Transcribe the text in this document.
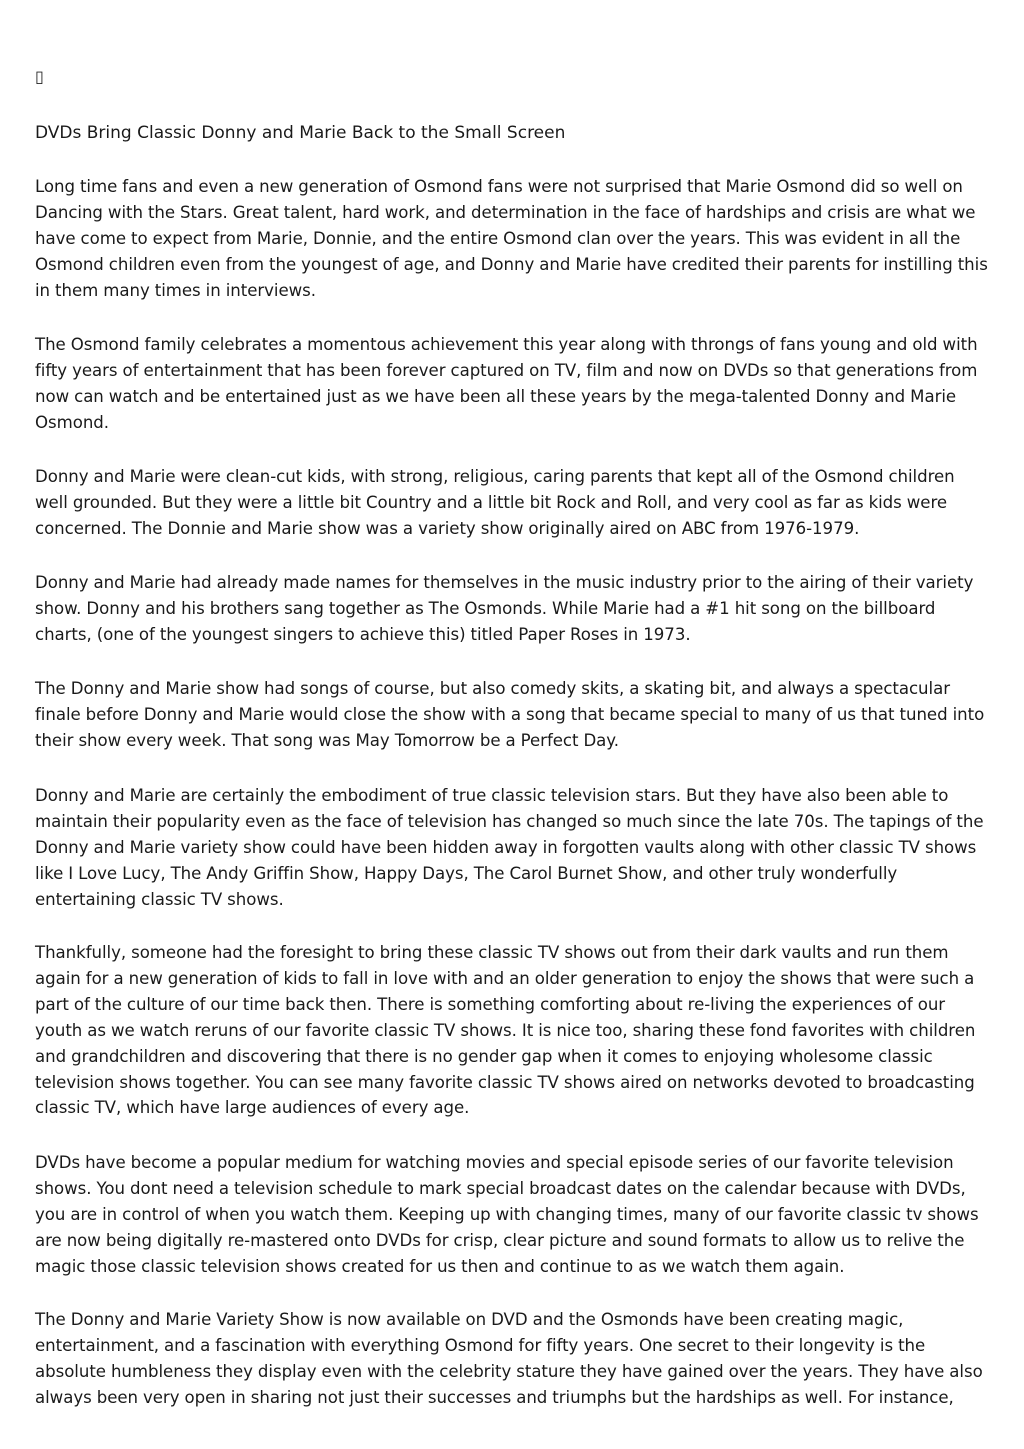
▯
DVDs Bring Classic Donny and Marie Back to the Small Screen

Long time fans and even a new generation of Osmond fans were not surprised that Marie Osmond did so well on Dancing with the Stars. Great talent, hard work, and determination in the face of hardships and crisis are what we have come to expect from Marie, Donnie, and the entire Osmond clan over the years. This was evident in all the Osmond children even from the youngest of age, and Donny and Marie have credited their parents for instilling this in them many times in interviews.

The Osmond family celebrates a momentous achievement this year along with throngs of fans young and old with fifty years of entertainment that has been forever captured on TV, film and now on DVDs so that generations from now can watch and be entertained just as we have been all these years by the mega-talented Donny and Marie Osmond.

Donny and Marie were clean-cut kids, with strong, religious, caring parents that kept all of the Osmond children well grounded. But they were a little bit Country and a little bit Rock and Roll, and very cool as far as kids were concerned. The Donnie and Marie show was a variety show originally aired on ABC from 1976-1979.

Donny and Marie had already made names for themselves in the music industry prior to the airing of their variety show. Donny and his brothers sang together as The Osmonds. While Marie had a #1 hit song on the billboard charts, (one of the youngest singers to achieve this) titled Paper Roses in 1973.

The Donny and Marie show had songs of course, but also comedy skits, a skating bit, and always a spectacular finale before Donny and Marie would close the show with a song that became special to many of us that tuned into their show every week. That song was May Tomorrow be a Perfect Day.

Donny and Marie are certainly the embodiment of true classic television stars. But they have also been able to maintain their popularity even as the face of television has changed so much since the late 70s. The tapings of the Donny and Marie variety show could have been hidden away in forgotten vaults along with other classic TV shows like I Love Lucy, The Andy Griffin Show, Happy Days, The Carol Burnet Show, and other truly wonderfully entertaining classic TV shows.

Thankfully, someone had the foresight to bring these classic TV shows out from their dark vaults and run them again for a new generation of kids to fall in love with and an older generation to enjoy the shows that were such a part of the culture of our time back then. There is something comforting about re-living the experiences of our youth as we watch reruns of our favorite classic TV shows. It is nice too, sharing these fond favorites with children and grandchildren and discovering that there is no gender gap when it comes to enjoying wholesome classic television shows together. You can see many favorite classic TV shows aired on networks devoted to broadcasting classic TV, which have large audiences of every age.

DVDs have become a popular medium for watching movies and special episode series of our favorite television shows. You dont need a television schedule to mark special broadcast dates on the calendar because with DVDs, you are in control of when you watch them. Keeping up with changing times, many of our favorite classic tv shows are now being digitally re-mastered onto DVDs for crisp, clear picture and sound formats to allow us to relive the magic those classic television shows created for us then and continue to as we watch them again.

The Donny and Marie Variety Show is now available on DVD and the Osmonds have been creating magic, entertainment, and a fascination with everything Osmond for fifty years. One secret to their longevity is the absolute humbleness they display even with the celebrity stature they have gained over the years. They have also always been very open in sharing not just their successes and triumphs but the hardships as well. For instance,
